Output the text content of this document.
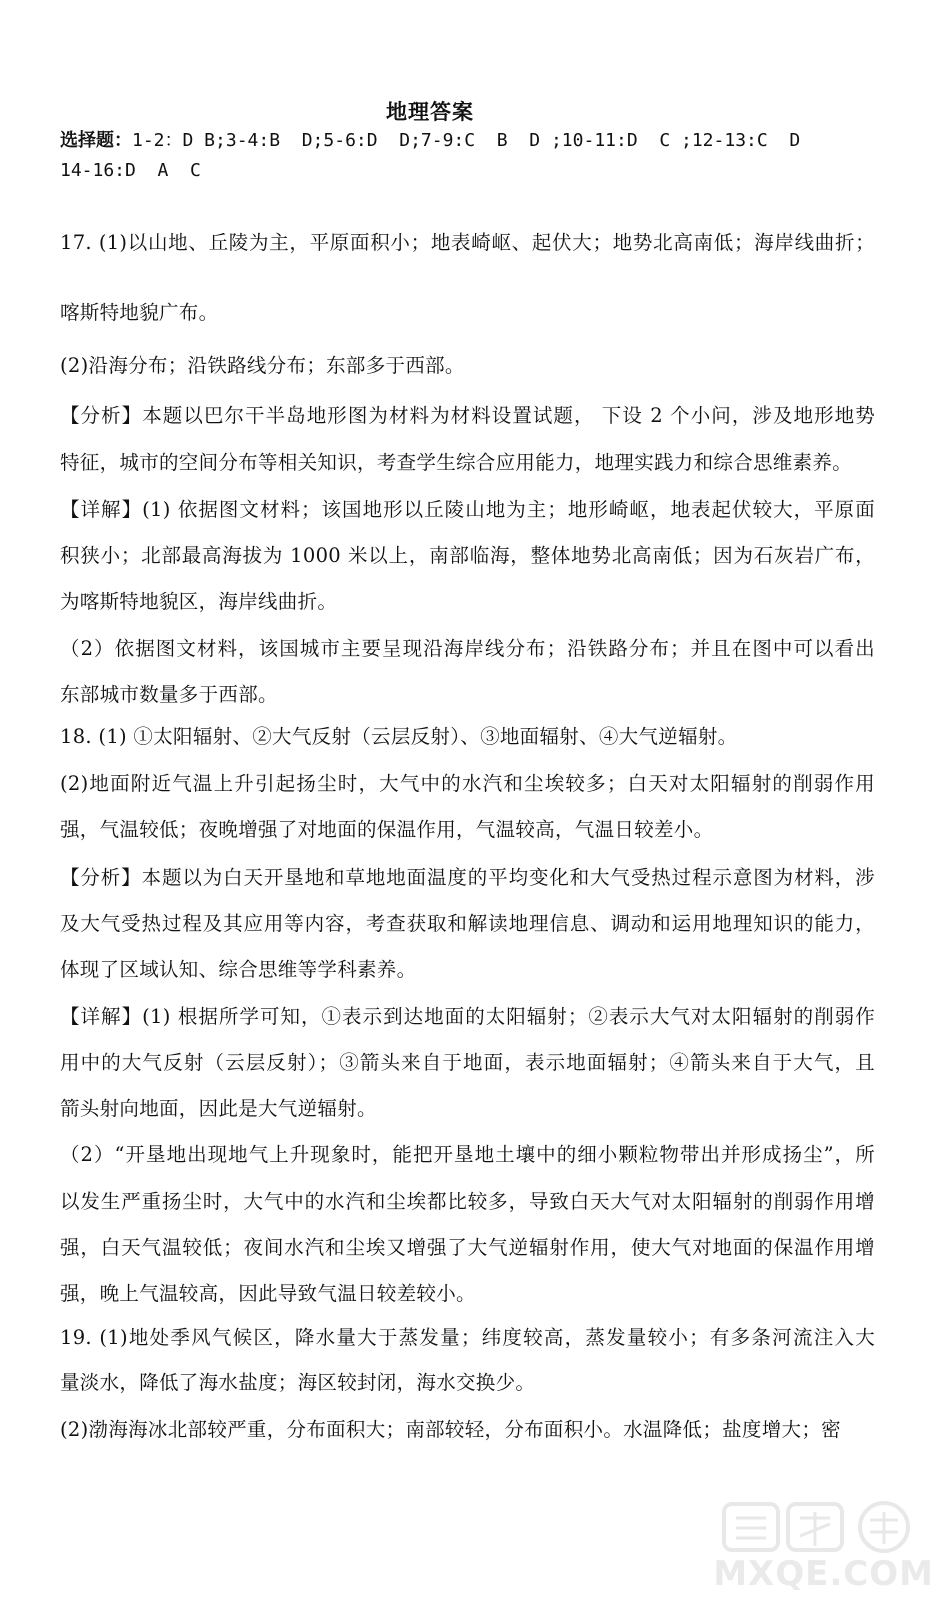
地理答案
选择题：1-2：D B;3-4:B  D;5-6:D  D;7-9:C  B  D ;10-11:D  C ;12-13:C  D
14-16:D  A  C
17. (1)以山地、丘陵为主，平原面积小；地表崎岖、起伏大；地势北高南低；海岸线曲折；
喀斯特地貌广布。
(2)沿海分布；沿铁路线分布；东部多于西部。
【分析】本题以巴尔干半岛地形图为材料为材料设置试题， 下设 2 个小问，涉及地形地势
特征，城市的空间分布等相关知识，考查学生综合应用能力，地理实践力和综合思维素养。
【详解】(1) 依据图文材料；该国地形以丘陵山地为主；地形崎岖，地表起伏较大，平原面
积狭小；北部最高海拔为 1000 米以上，南部临海，整体地势北高南低；因为石灰岩广布，
为喀斯特地貌区，海岸线曲折。
（2）依据图文材料，该国城市主要呈现沿海岸线分布；沿铁路分布；并且在图中可以看出
东部城市数量多于西部。
18. (1) ①太阳辐射、②大气反射（云层反射）、③地面辐射、④大气逆辐射。
(2)地面附近气温上升引起扬尘时，大气中的水汽和尘埃较多；白天对太阳辐射的削弱作用
强，气温较低；夜晚增强了对地面的保温作用，气温较高，气温日较差小。
【分析】本题以为白天开垦地和草地地面温度的平均变化和大气受热过程示意图为材料，涉
及大气受热过程及其应用等内容，考查获取和解读地理信息、调动和运用地理知识的能力，
体现了区域认知、综合思维等学科素养。
【详解】(1) 根据所学可知，①表示到达地面的太阳辐射；②表示大气对太阳辐射的削弱作
用中的大气反射（云层反射）；③箭头来自于地面，表示地面辐射；④箭头来自于大气，且
箭头射向地面，因此是大气逆辐射。
（2）“开垦地出现地气上升现象时，能把开垦地土壤中的细小颗粒物带出并形成扬尘”，所
以发生严重扬尘时，大气中的水汽和尘埃都比较多，导致白天大气对太阳辐射的削弱作用增
强，白天气温较低；夜间水汽和尘埃又增强了大气逆辐射作用，使大气对地面的保温作用增
强，晚上气温较高，因此导致气温日较差较小。
19. (1)地处季风气候区，降水量大于蒸发量；纬度较高，蒸发量较小；有多条河流注入大
量淡水，降低了海水盐度；海区较封闭，海水交换少。
(2)渤海海冰北部较严重，分布面积大；南部较轻，分布面积小。水温降低；盐度增大；密
MXQE.COM
